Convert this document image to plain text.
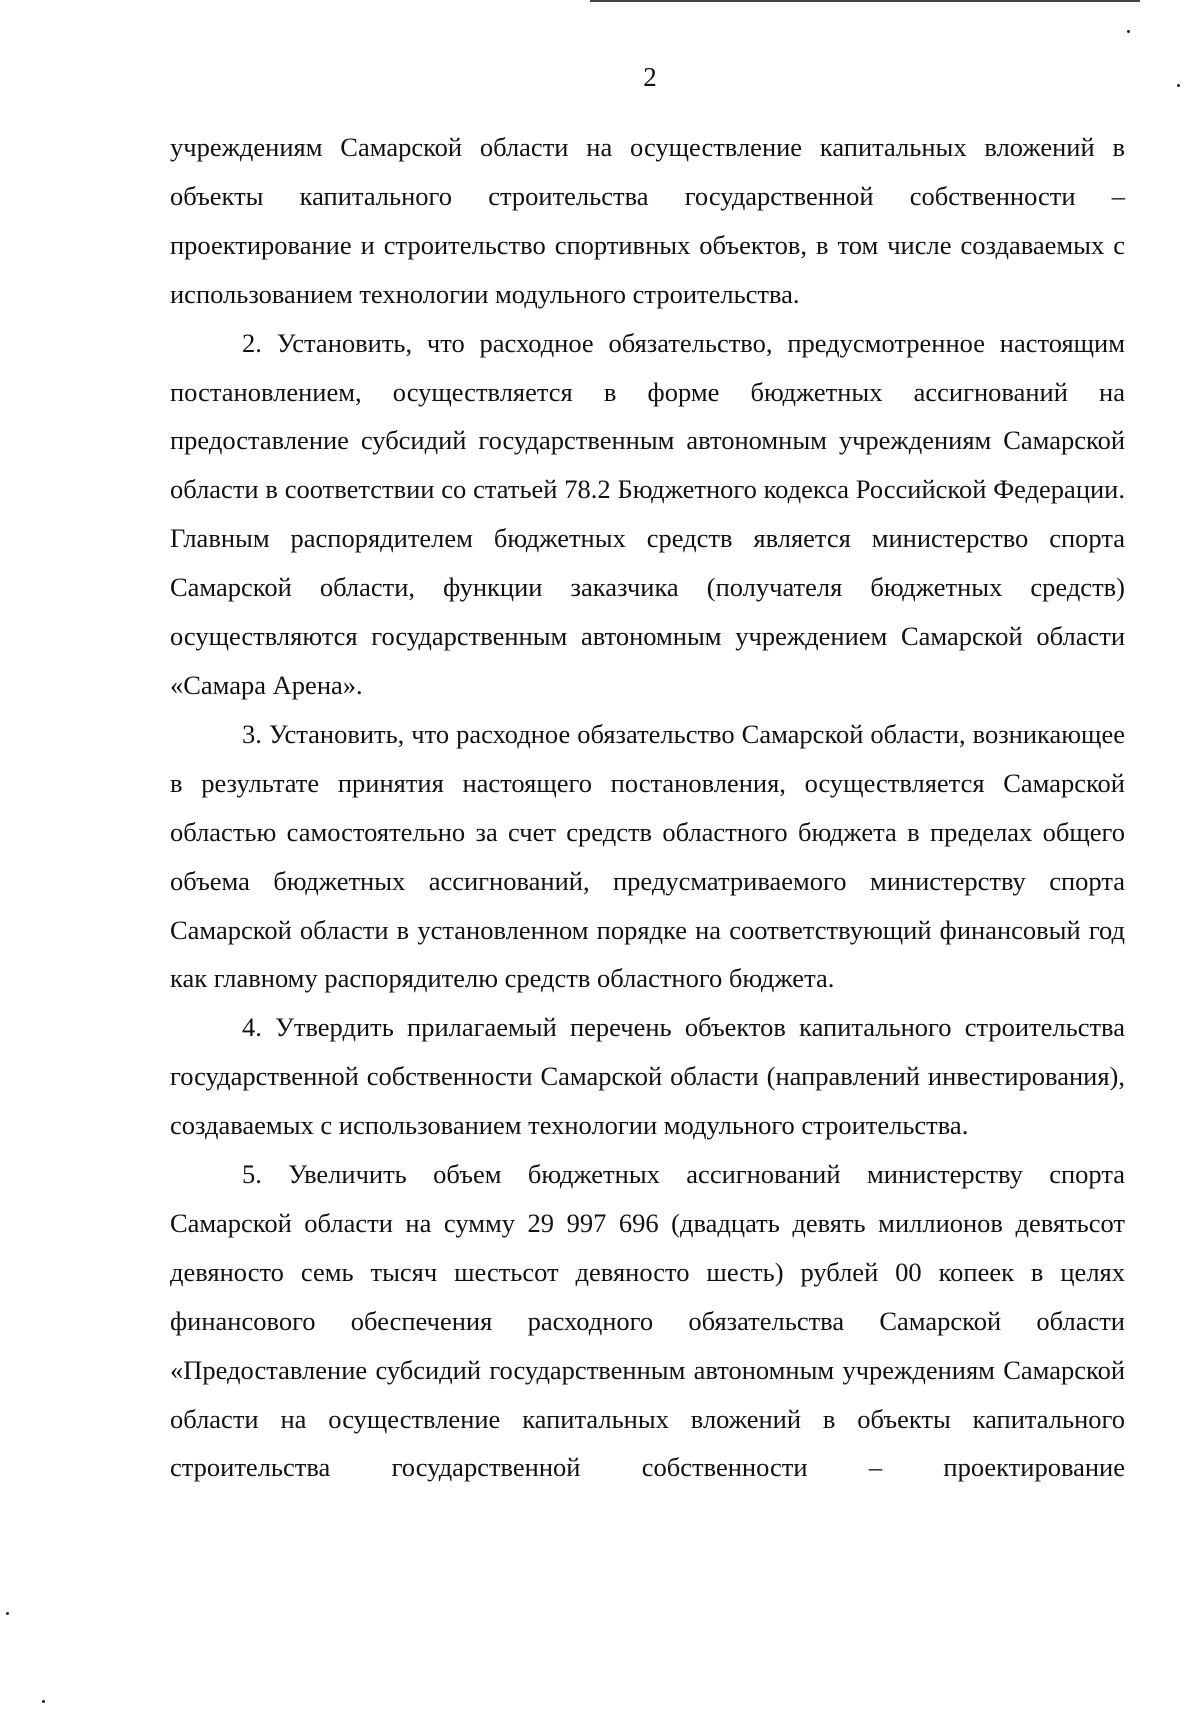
2

учреждениям Самарской области на осуществление капитальных вложений в объекты капитального строительства государственной собственности – проектирование и строительство спортивных объектов, в том числе создаваемых с использованием технологии модульного строительства.

2. Установить, что расходное обязательство, предусмотренное настоящим постановлением, осуществляется в форме бюджетных ассигнований на предоставление субсидий государственным автономным учреждениям Самарской области в соответствии со статьей 78.2 Бюджетного кодекса Российской Федерации. Главным распорядителем бюджетных средств является министерство спорта Самарской области, функции заказчика (получателя бюджетных средств) осуществляются государственным автономным учреждением Самарской области «Самара Арена».

3. Установить, что расходное обязательство Самарской области, возникающее в результате принятия настоящего постановления, осуществляется Самарской областью самостоятельно за счет средств областного бюджета в пределах общего объема бюджетных ассигнований, предусматриваемого министерству спорта Самарской области в установленном порядке на соответствующий финансовый год как главному распорядителю средств областного бюджета.

4. Утвердить прилагаемый перечень объектов капитального строительства государственной собственности Самарской области (направлений инвестирования), создаваемых с использованием технологии модульного строительства.

5. Увеличить объем бюджетных ассигнований министерству спорта Самарской области на сумму 29 997 696 (двадцать девять миллионов девятьсот девяносто семь тысяч шестьсот девяносто шесть) рублей 00 копеек в целях финансового обеспечения расходного обязательства Самарской области «Предоставление субсидий государственным автономным учреждениям Самарской области на осуществление капитальных вложений в объекты капитального строительства государственной собственности – проектирование
